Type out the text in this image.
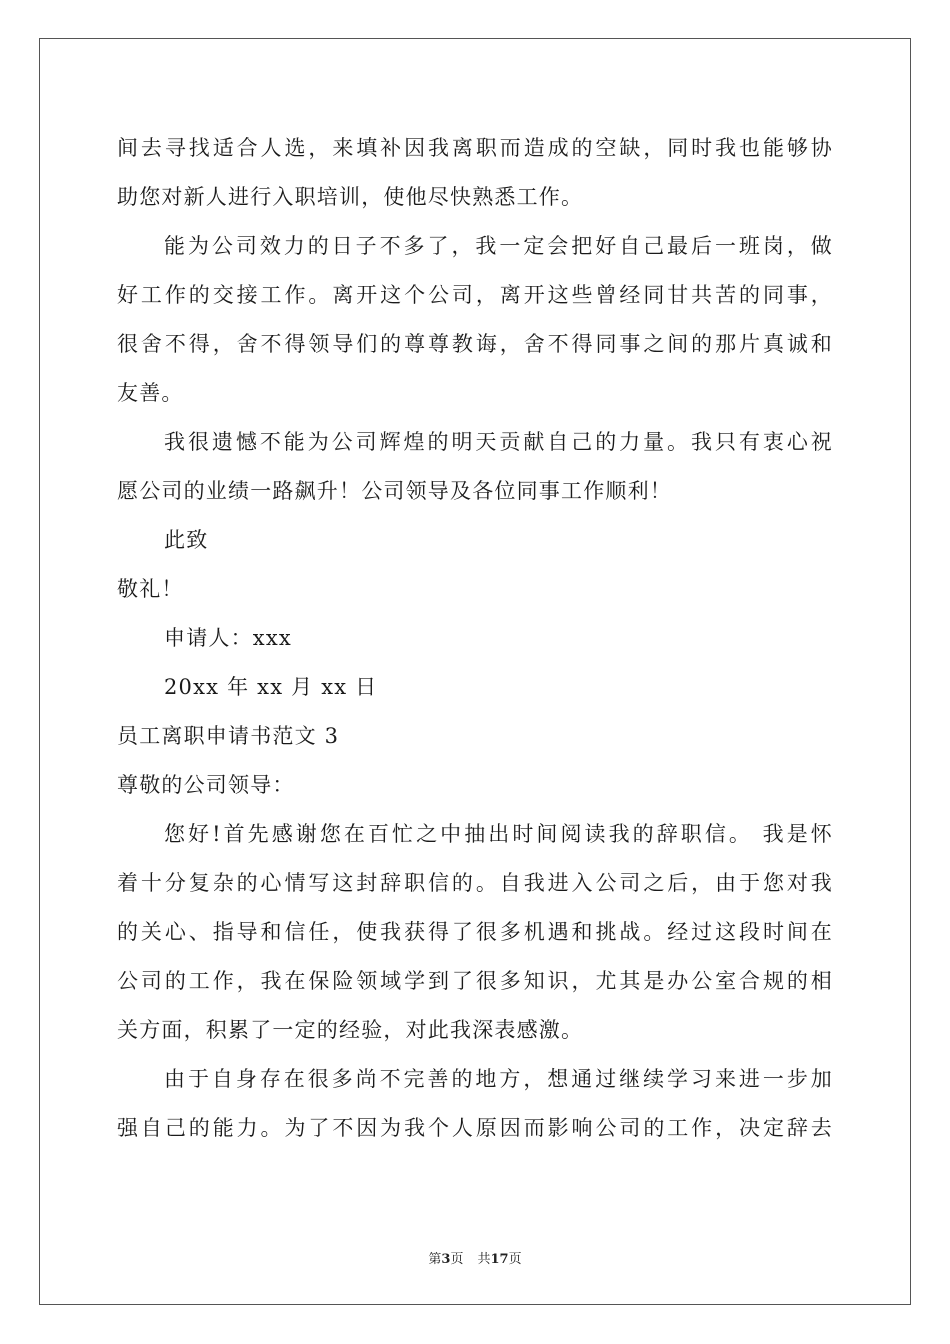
间去寻找适合人选，来填补因我离职而造成的空缺，同时我也能够协
助您对新人进行入职培训，使他尽快熟悉工作。
能为公司效力的日子不多了，我一定会把好自己最后一班岗，做
好工作的交接工作。离开这个公司，离开这些曾经同甘共苦的同事，
很舍不得，舍不得领导们的尊尊教诲，舍不得同事之间的那片真诚和
友善。
我很遗憾不能为公司辉煌的明天贡献自己的力量。我只有衷心祝
愿公司的业绩一路飙升！公司领导及各位同事工作顺利！
此致
敬礼！
申请人：xxx
20xx 年 xx 月 xx 日
员工离职申请书范文 3
尊敬的公司领导：
您好!首先感谢您在百忙之中抽出时间阅读我的辞职信。 我是怀
着十分复杂的心情写这封辞职信的。自我进入公司之后，由于您对我
的关心、指导和信任，使我获得了很多机遇和挑战。经过这段时间在
公司的工作，我在保险领域学到了很多知识，尤其是办公室合规的相
关方面，积累了一定的经验，对此我深表感激。
由于自身存在很多尚不完善的地方，想通过继续学习来进一步加
强自己的能力。为了不因为我个人原因而影响公司的工作，决定辞去
第3页 共17页
